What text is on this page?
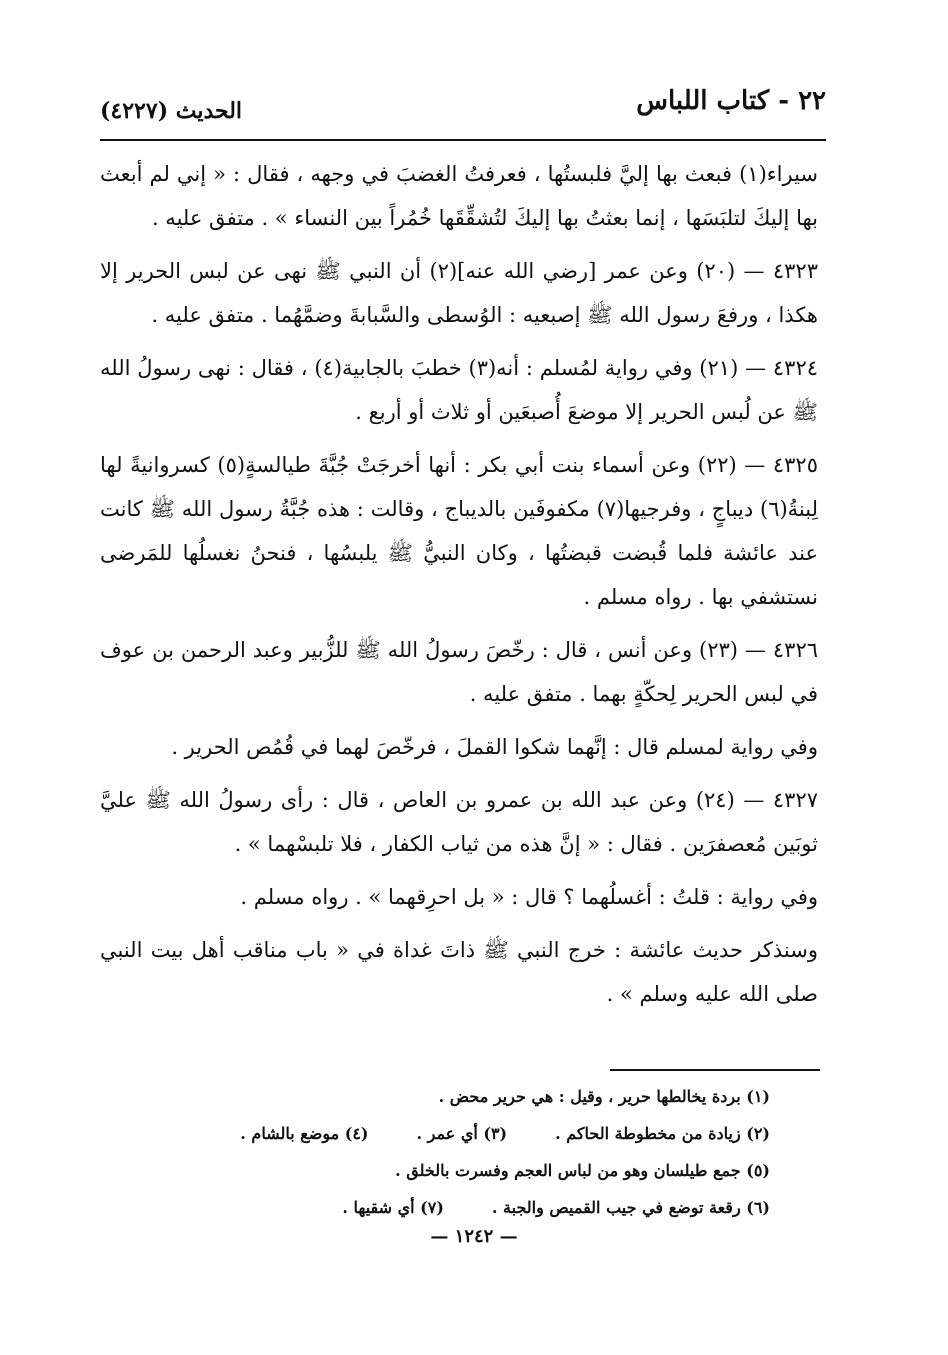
٢٢ - كتاب اللباس
الحديث (٤٢٢٧)

سيراء(١) فبعث بها إليَّ فلبستُها ، فعرفتُ الغضبَ في وجهه ، فقال : « إني لم أبعث بها إليكَ لتلبَسَها ، إنما بعثتُ بها إليكَ لتُشقِّقَها خُمُراً بين النساء » . متفق عليه .

٤٣٢٣ — (٢٠) وعن عمر [رضي الله عنه](٢) أن النبي ﷺ نهى عن لبس الحرير إلا هكذا ، ورفعَ رسول الله ﷺ إصبعيه : الوُسطى والسَّبابةَ وضمَّهُما . متفق عليه .

٤٣٢٤ — (٢١) وفي رواية لمُسلم : أنه(٣) خطبَ بالجابية(٤) ، فقال : نهى رسولُ الله ﷺ عن لُبس الحرير إلا موضعَ أُصبعَين أو ثلاث أو أربع .

٤٣٢٥ — (٢٢) وعن أسماء بنت أبي بكر : أنها أخرجَتْ جُبَّةَ طيالسةٍ(٥) كسروانيةً لها لِبنةُ(٦) ديباجٍ ، وفرجيها(٧) مكفوفَين بالديباج ، وقالت : هذه جُبَّةُ رسول الله ﷺ كانت عند عائشة فلما قُبضت قبضتُها ، وكان النبيُّ ﷺ يلبسُها ، فنحنُ نغسلُها للمَرضى نستشفي بها . رواه مسلم .

٤٣٢٦ — (٢٣) وعن أنس ، قال : رخّصَ رسولُ الله ﷺ للزُّبير وعبد الرحمن بن عوف في لبس الحرير لِحكّةٍ بهما . متفق عليه .

وفي رواية لمسلم قال : إنَّهما شكوا القملَ ، فرخّصَ لهما في قُمُص الحرير .

٤٣٢٧ — (٢٤) وعن عبد الله بن عمرو بن العاص ، قال : رأى رسولُ الله ﷺ عليَّ ثوبَين مُعصفرَين . فقال : « إنَّ هذه من ثياب الكفار ، فلا تلبسْهما » .

وفي رواية : قلتُ : أغسلُهما ؟ قال : « بل احرِقهما » . رواه مسلم .

وسنذكر حديث عائشة : خرج النبي ﷺ ذاتَ غداة في « باب مناقب أهل بيت النبي صلى الله عليه وسلم » .

(١) بردة يخالطها حرير ، وقيل : هي حرير محض .
(٢) زيادة من مخطوطة الحاكم .(٣) أي عمر .(٤) موضع بالشام .
(٥) جمع طيلسان وهو من لباس العجم وفسرت بالخلق .
(٦) رقعة توضع في جيب القميص والجبة .(٧) أي شقيها .
— ١٢٤٢ —
